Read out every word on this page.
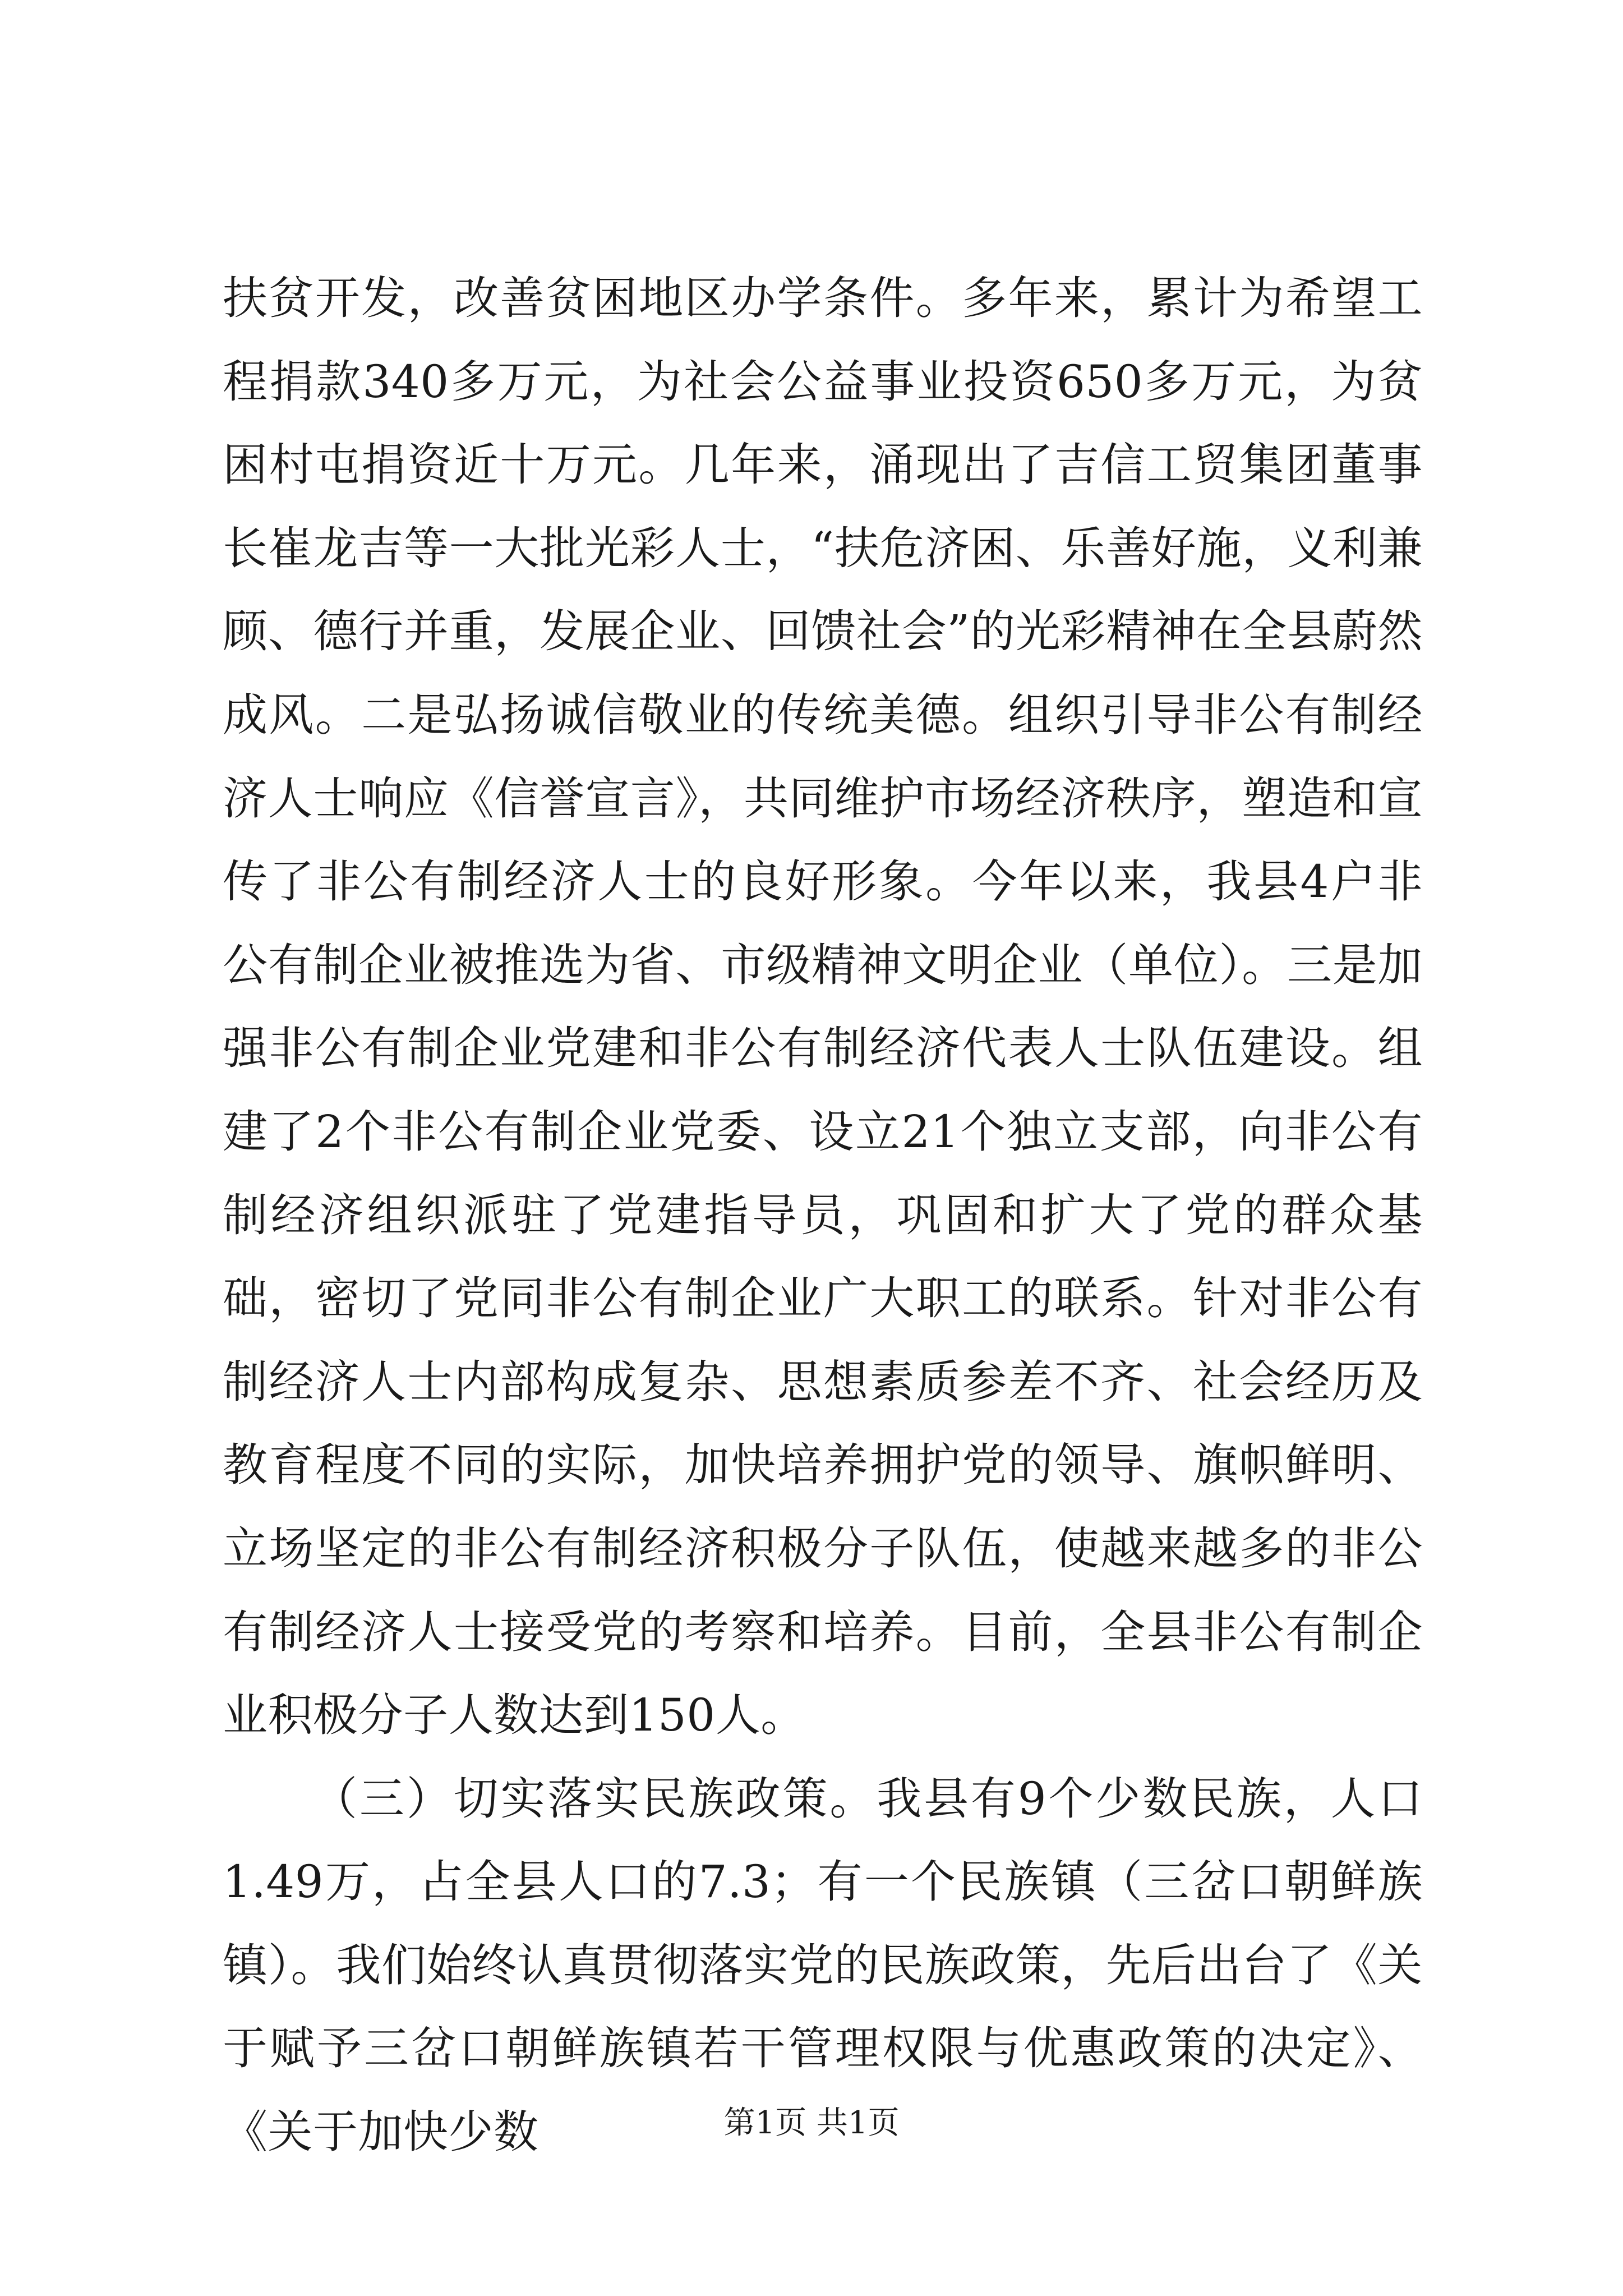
扶贫开发，改善贫困地区办学条件。多年来，累计为希望工程捐款340多万元，为社会公益事业投资650多万元，为贫困村屯捐资近十万元。几年来，涌现出了吉信工贸集团董事长崔龙吉等一大批光彩人士，“扶危济困、乐善好施，义利兼顾、德行并重，发展企业、回馈社会”的光彩精神在全县蔚然成风。二是弘扬诚信敬业的传统美德。组织引导非公有制经济人士响应《信誉宣言》，共同维护市场经济秩序，塑造和宣传了非公有制经济人士的良好形象。今年以来，我县4户非公有制企业被推选为省、市级精神文明企业（单位）。三是加强非公有制企业党建和非公有制经济代表人士队伍建设。组建了2个非公有制企业党委、设立21个独立支部，向非公有制经济组织派驻了党建指导员，巩固和扩大了党的群众基础，密切了党同非公有制企业广大职工的联系。针对非公有制经济人士内部构成复杂、思想素质参差不齐、社会经历及教育程度不同的实际，加快培养拥护党的领导、旗帜鲜明、立场坚定的非公有制经济积极分子队伍，使越来越多的非公有制经济人士接受党的考察和培养。目前，全县非公有制企业积极分子人数达到150人。

（三）切实落实民族政策。我县有9个少数民族，人口1.49万，占全县人口的7.3；有一个民族镇（三岔口朝鲜族镇）。我们始终认真贯彻落实党的民族政策，先后出台了《关于赋予三岔口朝鲜族镇若干管理权限与优惠政策的决定》、《关于加快少数	第1页 共1页
